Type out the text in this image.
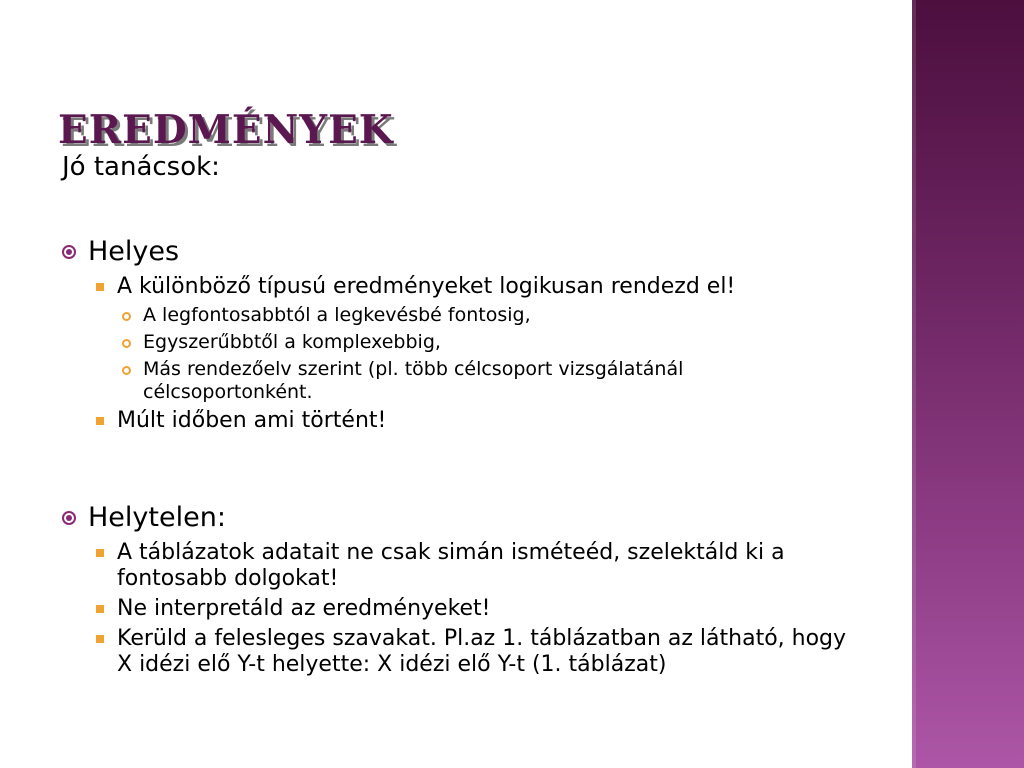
eredmények
Jó tanácsok:
Helyes
A különböző típusú eredményeket logikusan rendezd el!
A legfontosabbtól a legkevésbé fontosig,
Egyszerűbbtől a komplexebbig,
Más rendezőelv szerint (pl. több célcsoport vizsgálatánál
célcsoportonként.
Múlt időben ami történt!
Helytelen:
A táblázatok adatait ne csak simán isméteéd, szelektáld ki a
fontosabb dolgokat!
Ne interpretáld az eredményeket!
Kerüld a felesleges szavakat. Pl.az 1. táblázatban az látható, hogy
X idézi elő Y-t helyette: X idézi elő Y-t (1. táblázat)
